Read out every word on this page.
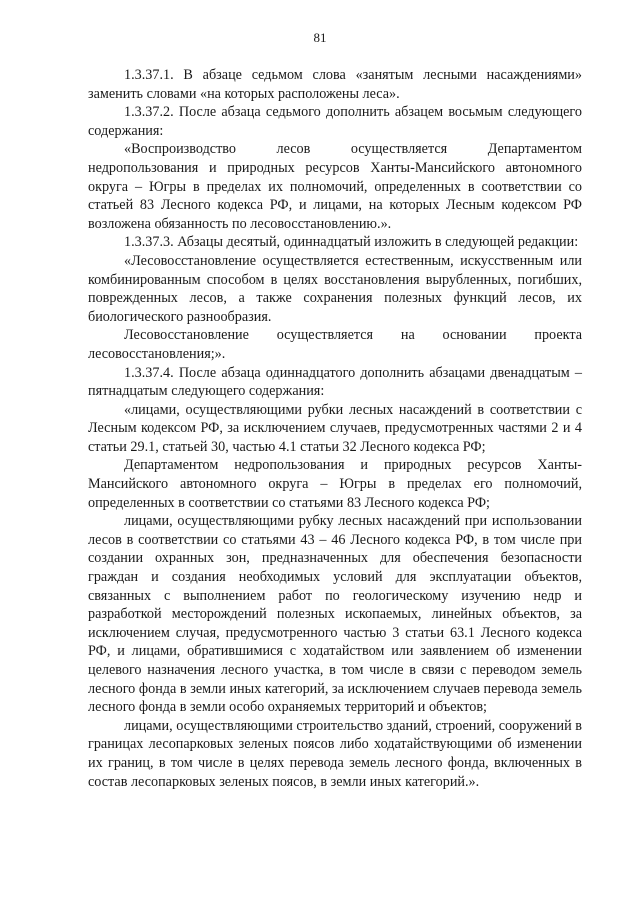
81

1.3.37.1. В абзаце седьмом слова «занятым лесными насаждениями» заменить словами «на которых расположены леса».

1.3.37.2. После абзаца седьмого дополнить абзацем восьмым следующего содержания:

«Воспроизводство лесов осуществляется Департаментом недропользования и природных ресурсов Ханты-Мансийского автономного округа – Югры в пределах их полномочий, определенных в соответствии со статьей 83 Лесного кодекса РФ, и лицами, на которых Лесным кодексом РФ возложена обязанность по лесовосстановлению.».

1.3.37.3. Абзацы десятый, одиннадцатый изложить в следующей редакции:

«Лесовосстановление осуществляется естественным, искусственным или комбинированным способом в целях восстановления вырубленных, погибших, поврежденных лесов, а также сохранения полезных функций лесов, их биологического разнообразия.

Лесовосстановление осуществляется на основании проекта лесовосстановления;».

1.3.37.4. После абзаца одиннадцатого дополнить абзацами двенадцатым – пятнадцатым следующего содержания:

«лицами, осуществляющими рубки лесных насаждений в соответствии с Лесным кодексом РФ, за исключением случаев, предусмотренных частями 2 и 4 статьи 29.1, статьей 30, частью 4.1 статьи 32 Лесного кодекса РФ;

Департаментом недропользования и природных ресурсов Ханты-Мансийского автономного округа – Югры в пределах его полномочий, определенных в соответствии со статьями 83 Лесного кодекса РФ;

лицами, осуществляющими рубку лесных насаждений при использовании лесов в соответствии со статьями 43 – 46 Лесного кодекса РФ, в том числе при создании охранных зон, предназначенных для обеспечения безопасности граждан и создания необходимых условий для эксплуатации объектов, связанных с выполнением работ по геологическому изучению недр и разработкой месторождений полезных ископаемых, линейных объектов, за исключением случая, предусмотренного частью 3 статьи 63.1 Лесного кодекса РФ, и лицами, обратившимися с ходатайством или заявлением об изменении целевого назначения лесного участка, в том числе в связи с переводом земель лесного фонда в земли иных категорий, за исключением случаев перевода земель лесного фонда в земли особо охраняемых территорий и объектов;

лицами, осуществляющими строительство зданий, строений, сооружений в границах лесопарковых зеленых поясов либо ходатайствующими об изменении их границ, в том числе в целях перевода земель лесного фонда, включенных в состав лесопарковых зеленых поясов, в земли иных категорий.».
